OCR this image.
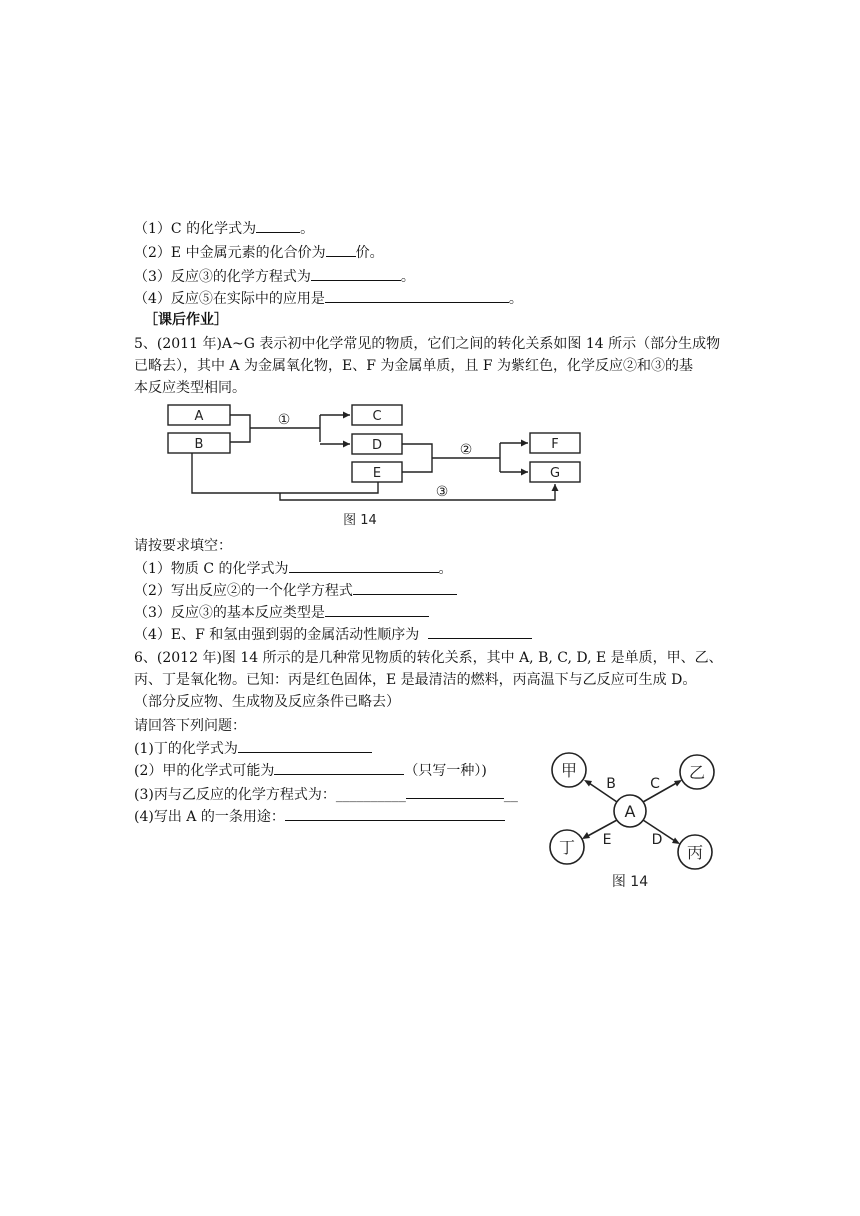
（1）C 的化学式为	。
（2）E 中金属元素的化合价为 价。
（3）反应③的化学方程式为	。
（4）反应⑤在实际中的应用是	。
［课后作业］
5、(2011 年)A~G 表示初中化学常见的物质，它们之间的转化关系如图 14 所示（部分生成物
已略去），其中 A 为金属氧化物，E、F 为金属单质，且 F 为紫红色，化学反应②和③的基
本反应类型相同。
A
B
C
D
E
F
G
①
②
③
图 14
请按要求填空：
（1）物质 C 的化学式为	。
（2）写出反应②的一个化学方程式
（3）反应③的基本反应类型是
（4）E、F 和氢由强到弱的金属活动性顺序为
6、(2012 年)图 14 所示的是几种常见物质的转化关系，其中 A, B, C, D, E 是单质，甲、乙、
丙、丁是氧化物。已知：丙是红色固体，E 是最清洁的燃料，丙高温下与乙反应可生成 D。
（部分反应物、生成物及反应条件已略去）
请回答下列问题：
(1)丁的化学式为
(2）甲的化学式可能为	（只写一种）)
(3)丙与乙反应的化学方程式为：__________	__
(4)写出 A 的一条用途：	A
甲	乙
丁	丙
B C
E	D
图 14
